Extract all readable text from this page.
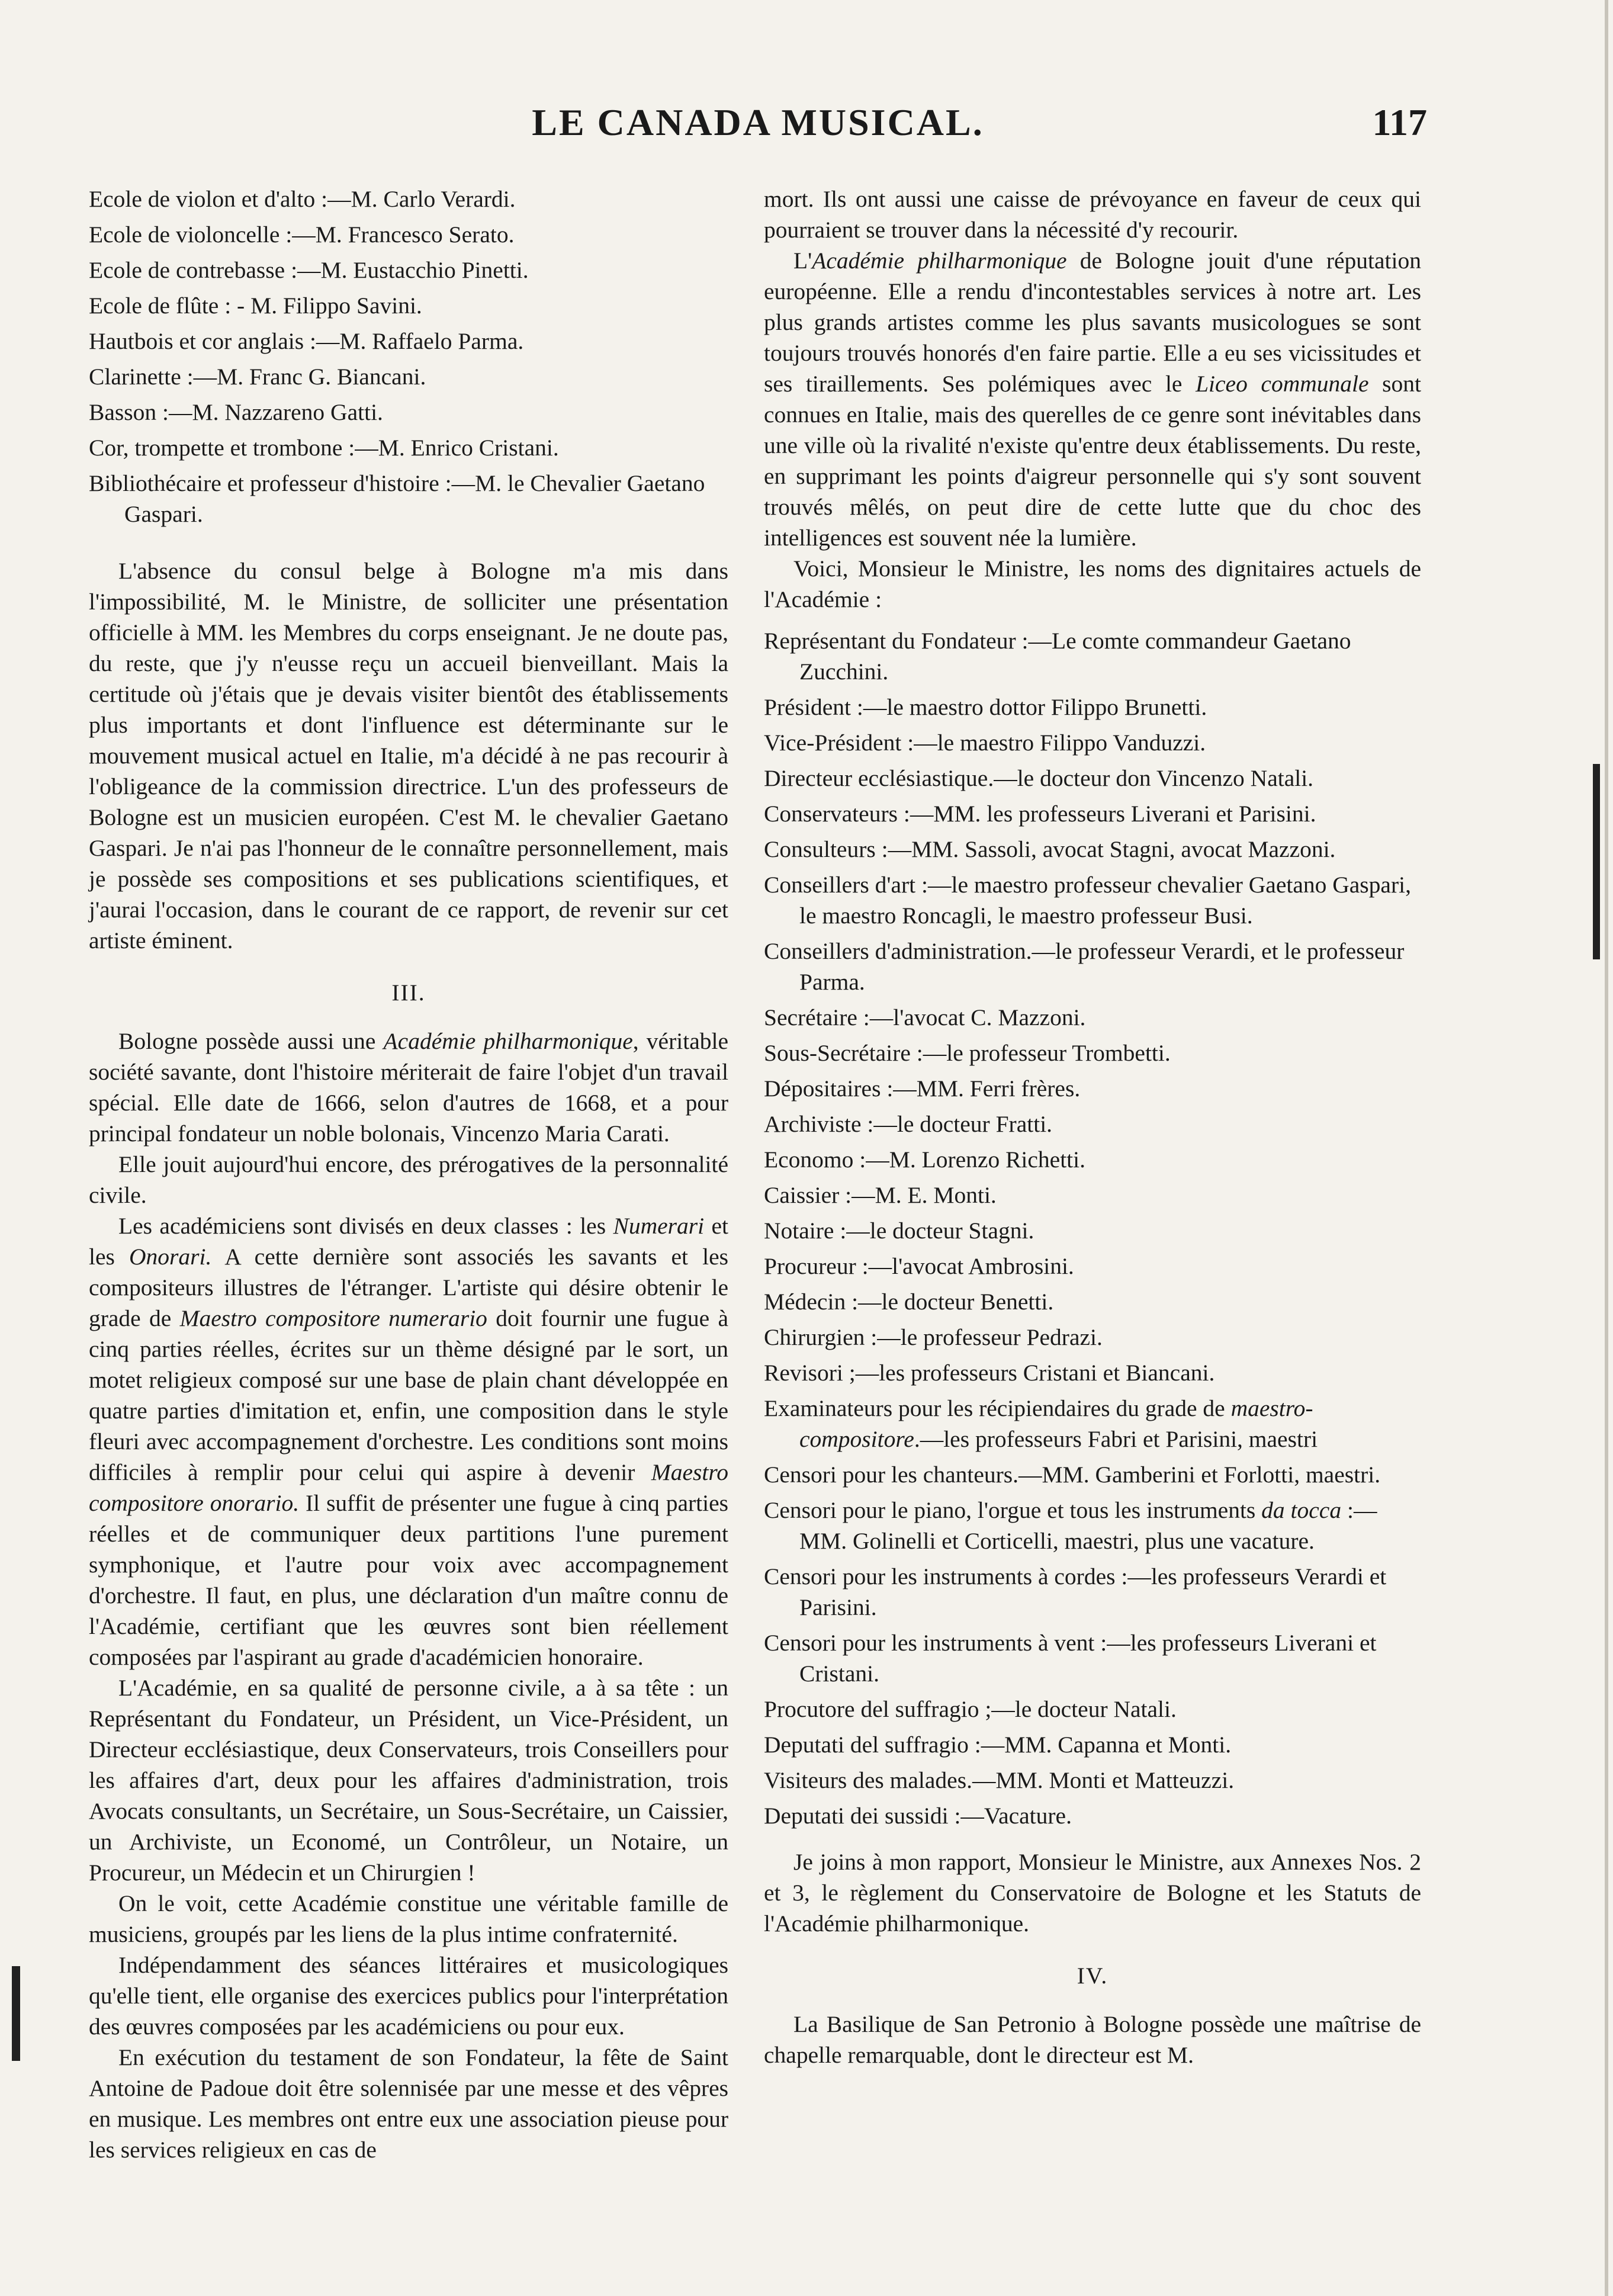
LE CANADA MUSICAL.	117

Ecole de violon et d'alto :—M. Carlo Verardi.

Ecole de violoncelle :—M. Francesco Serato.

Ecole de contrebasse :—M. Eustacchio Pinetti.

Ecole de flûte : - M. Filippo Savini.

Hautbois et cor anglais :—M. Raffaelo Parma.

Clarinette :—M. Franc G. Biancani.

Basson :—M. Nazzareno Gatti.

Cor, trompette et trombone :—M. Enrico Cristani.

Bibliothécaire et professeur d'histoire :—M. le Chevalier Gaetano Gaspari.

L'absence du consul belge à Bologne m'a mis dans l'impossibilité, M. le Ministre, de solliciter une présentation officielle à MM. les Membres du corps enseignant. Je ne doute pas, du reste, que j'y n'eusse reçu un accueil bienveillant. Mais la certitude où j'étais que je devais visiter bientôt des établissements plus importants et dont l'influence est déterminante sur le mouvement musical actuel en Italie, m'a décidé à ne pas recourir à l'obligeance de la commission directrice. L'un des professeurs de Bologne est un musicien européen. C'est M. le chevalier Gaetano Gaspari. Je n'ai pas l'honneur de le connaître personnellement, mais je possède ses compositions et ses publications scientifiques, et j'aurai l'occasion, dans le courant de ce rapport, de revenir sur cet artiste éminent.

III.

Bologne possède aussi une Académie philharmonique, véritable société savante, dont l'histoire mériterait de faire l'objet d'un travail spécial. Elle date de 1666, selon d'autres de 1668, et a pour principal fondateur un noble bolonais, Vincenzo Maria Carati.

Elle jouit aujourd'hui encore, des prérogatives de la personnalité civile.

Les académiciens sont divisés en deux classes : les Numerari et les Onorari. A cette dernière sont associés les savants et les compositeurs illustres de l'étranger. L'artiste qui désire obtenir le grade de Maestro compositore numerario doit fournir une fugue à cinq parties réelles, écrites sur un thème désigné par le sort, un motet religieux composé sur une base de plain chant développée en quatre parties d'imitation et, enfin, une composition dans le style fleuri avec accompagnement d'orchestre. Les conditions sont moins difficiles à remplir pour celui qui aspire à devenir Maestro compositore onorario. Il suffit de présenter une fugue à cinq parties réelles et de communiquer deux partitions l'une purement symphonique, et l'autre pour voix avec accompagnement d'orchestre. Il faut, en plus, une déclaration d'un maître connu de l'Académie, certifiant que les œuvres sont bien réellement composées par l'aspirant au grade d'académicien honoraire.

L'Académie, en sa qualité de personne civile, a à sa tête : un Représentant du Fondateur, un Président, un Vice-Président, un Directeur ecclésiastique, deux Conservateurs, trois Conseillers pour les affaires d'art, deux pour les affaires d'administration, trois Avocats consultants, un Secrétaire, un Sous-Secrétaire, un Caissier, un Archiviste, un Economé, un Contrôleur, un Notaire, un Procureur, un Médecin et un Chirurgien !

On le voit, cette Académie constitue une véritable famille de musiciens, groupés par les liens de la plus intime confraternité.

Indépendamment des séances littéraires et musicologiques qu'elle tient, elle organise des exercices publics pour l'interprétation des œuvres composées par les académiciens ou pour eux.

En exécution du testament de son Fondateur, la fête de Saint Antoine de Padoue doit être solennisée par une messe et des vêpres en musique. Les membres ont entre eux une association pieuse pour les services religieux en cas de

mort. Ils ont aussi une caisse de prévoyance en faveur de ceux qui pourraient se trouver dans la nécessité d'y recourir.

L'Académie philharmonique de Bologne jouit d'une réputation européenne. Elle a rendu d'incontestables services à notre art. Les plus grands artistes comme les plus savants musicologues se sont toujours trouvés honorés d'en faire partie. Elle a eu ses vicissitudes et ses tiraillements. Ses polémiques avec le Liceo communale sont connues en Italie, mais des querelles de ce genre sont inévitables dans une ville où la rivalité n'existe qu'entre deux établissements. Du reste, en supprimant les points d'aigreur personnelle qui s'y sont souvent trouvés mêlés, on peut dire de cette lutte que du choc des intelligences est souvent née la lumière.

Voici, Monsieur le Ministre, les noms des dignitaires actuels de l'Académie :

Représentant du Fondateur :—Le comte commandeur Gaetano Zucchini.

Président :—le maestro dottor Filippo Brunetti.

Vice-Président :—le maestro Filippo Vanduzzi.

Directeur ecclésiastique.—le docteur don Vincenzo Natali.

Conservateurs :—MM. les professeurs Liverani et Parisini.

Consulteurs :—MM. Sassoli, avocat Stagni, avocat Mazzoni.

Conseillers d'art :—le maestro professeur chevalier Gaetano Gaspari, le maestro Roncagli, le maestro professeur Busi.

Conseillers d'administration.—le professeur Verardi, et le professeur Parma.

Secrétaire :—l'avocat C. Mazzoni.

Sous-Secrétaire :—le professeur Trombetti.

Dépositaires :—MM. Ferri frères.

Archiviste :—le docteur Fratti.

Economo :—M. Lorenzo Richetti.

Caissier :—M. E. Monti.

Notaire :—le docteur Stagni.

Procureur :—l'avocat Ambrosini.

Médecin :—le docteur Benetti.

Chirurgien :—le professeur Pedrazi.

Revisori ;—les professeurs Cristani et Biancani.

Examinateurs pour les récipiendaires du grade de maestro-compositore.—les professeurs Fabri et Parisini, maestri

Censori pour les chanteurs.—MM. Gamberini et Forlotti, maestri.

Censori pour le piano, l'orgue et tous les instruments da tocca :—MM. Golinelli et Corticelli, maestri, plus une vacature.

Censori pour les instruments à cordes :—les professeurs Verardi et Parisini.

Censori pour les instruments à vent :—les professeurs Liverani et Cristani.

Procutore del suffragio ;—le docteur Natali.

Deputati del suffragio :—MM. Capanna et Monti.

Visiteurs des malades.—MM. Monti et Matteuzzi.

Deputati dei sussidi :—Vacature.

Je joins à mon rapport, Monsieur le Ministre, aux Annexes Nos. 2 et 3, le règlement du Conservatoire de Bologne et les Statuts de l'Académie philharmonique.

IV.

La Basilique de San Petronio à Bologne possède une maîtrise de chapelle remarquable, dont le directeur est M.
